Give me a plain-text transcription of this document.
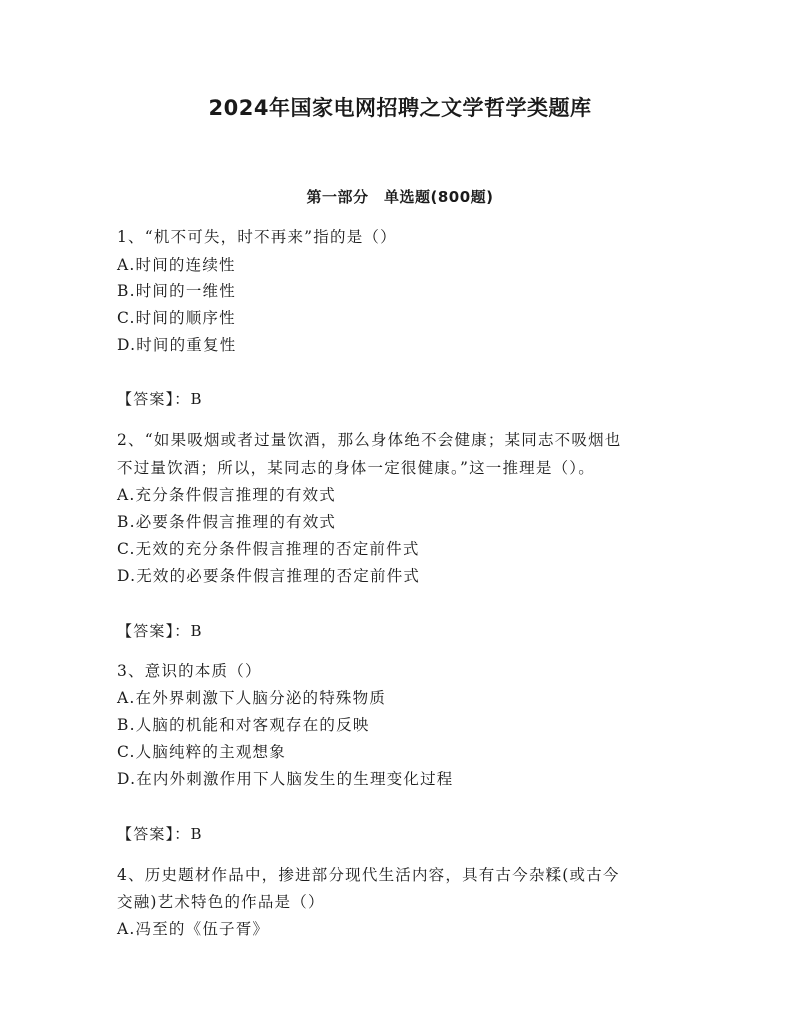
2024年国家电网招聘之文学哲学类题库
第一部分　单选题(800题)
1、“机不可失，时不再来”指的是（）
A.时间的连续性
B.时间的一维性
C.时间的顺序性
D.时间的重复性
【答案】：B
2、“如果吸烟或者过量饮酒，那么身体绝不会健康；某同志不吸烟也
不过量饮酒；所以，某同志的身体一定很健康。”这一推理是（）。
A.充分条件假言推理的有效式
B.必要条件假言推理的有效式
C.无效的充分条件假言推理的否定前件式
D.无效的必要条件假言推理的否定前件式
【答案】：B
3、意识的本质（）
A.在外界刺激下人脑分泌的特殊物质
B.人脑的机能和对客观存在的反映
C.人脑纯粹的主观想象
D.在内外刺激作用下人脑发生的生理变化过程
【答案】：B
4、历史题材作品中，掺进部分现代生活内容，具有古今杂糅(或古今
交融)艺术特色的作品是（）
A.冯至的《伍子胥》
